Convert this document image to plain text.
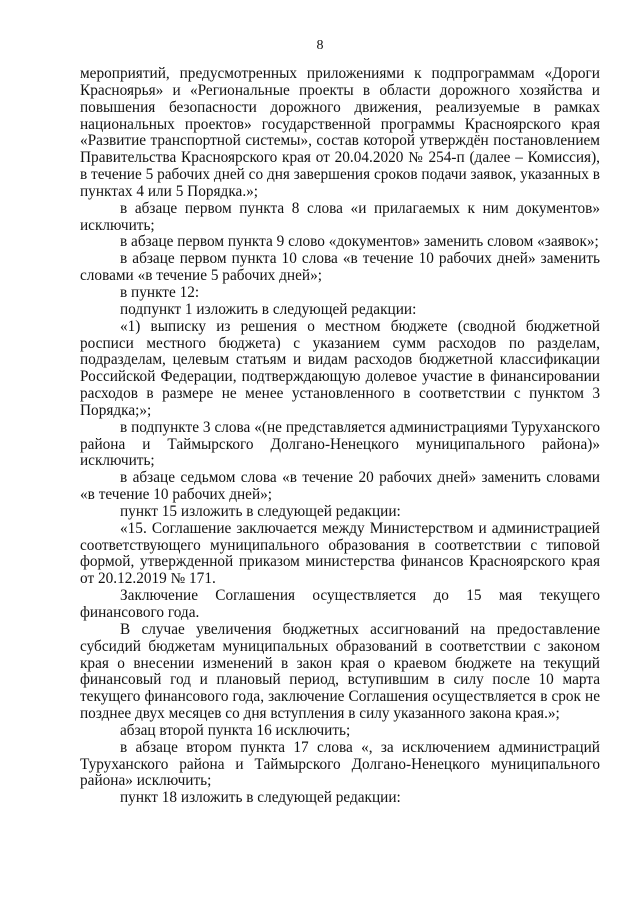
8

мероприятий, предусмотренных приложениями к подпрограммам «Дороги Красноярья» и «Региональные проекты в области дорожного хозяйства и повышения безопасности дорожного движения, реализуемые в рамках национальных проектов» государственной программы Красноярского края «Развитие транспортной системы», состав которой утверждён постановлением Правительства Красноярского края от 20.04.2020 № 254-п (далее – Комиссия), в течение 5 рабочих дней со дня завершения сроков подачи заявок, указанных в пунктах 4 или 5 Порядка.»;

в абзаце первом пункта 8 слова «и прилагаемых к ним документов» исключить;

в абзаце первом пункта 9 слово «документов» заменить словом «заявок»;

в абзаце первом пункта 10 слова «в течение 10 рабочих дней» заменить словами «в течение 5 рабочих дней»;

в пункте 12:

подпункт 1 изложить в следующей редакции:

«1) выписку из решения о местном бюджете (сводной бюджетной росписи местного бюджета) с указанием сумм расходов по разделам, подразделам, целевым статьям и видам расходов бюджетной классификации Российской Федерации, подтверждающую долевое участие в финансировании расходов в размере не менее установленного в соответствии с пунктом 3 Порядка;»;

в подпункте 3 слова «(не представляется администрациями Туруханского района и Таймырского Долгано-Ненецкого муниципального района)» исключить;

в абзаце седьмом слова «в течение 20 рабочих дней» заменить словами «в течение 10 рабочих дней»;

пункт 15 изложить в следующей редакции:

«15. Соглашение заключается между Министерством и администрацией соответствующего муниципального образования в соответствии с типовой формой, утвержденной приказом министерства финансов Красноярского края от 20.12.2019 № 171.

Заключение Соглашения осуществляется до 15 мая текущего финансового года.

В случае увеличения бюджетных ассигнований на предоставление субсидий бюджетам муниципальных образований в соответствии с законом края о внесении изменений в закон края о краевом бюджете на текущий финансовый год и плановый период, вступившим в силу после 10 марта текущего финансового года, заключение Соглашения осуществляется в срок не позднее двух месяцев со дня вступления в силу указанного закона края.»;

абзац второй пункта 16 исключить;

в абзаце втором пункта 17 слова «, за исключением администраций Туруханского района и Таймырского Долгано-Ненецкого муниципального района» исключить;

пункт 18 изложить в следующей редакции:
